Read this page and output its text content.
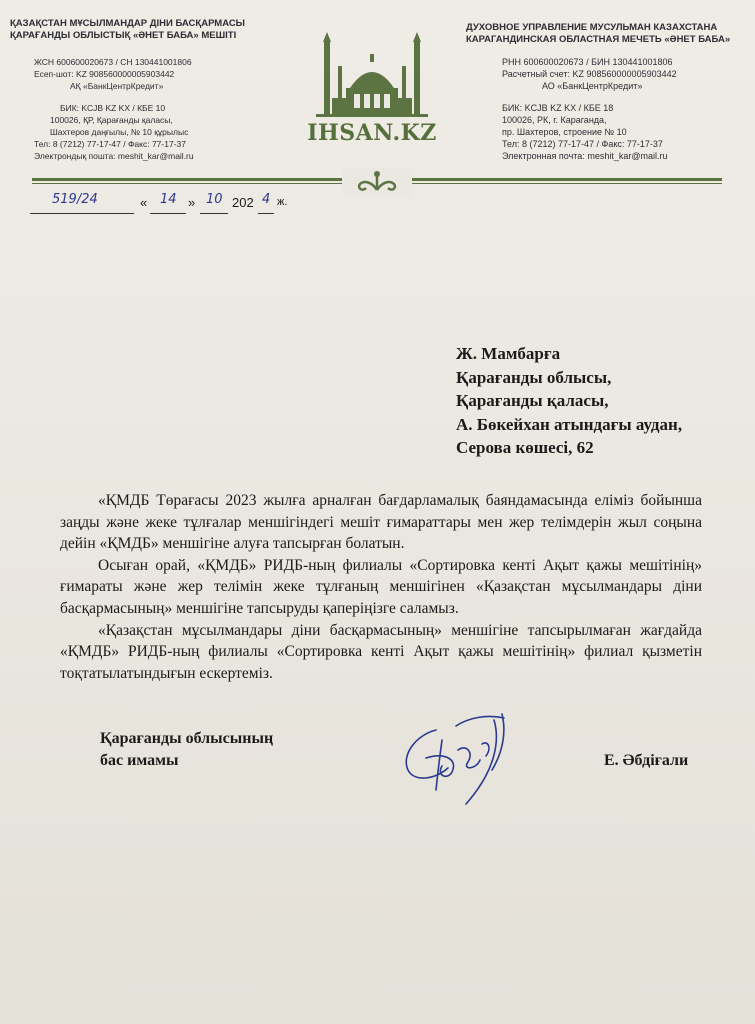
ҚАЗАҚСТАН МҰСЫЛМАНДАР ДІНИ БАСҚАРМАСЫ
ҚАРАҒАНДЫ ОБЛЫСТЫҚ «ӘНЕТ БАБА» МЕШІТІ
ЖСН 600600020673 / СН 130441001806
Есеп-шот: KZ 908560000005903442
АҚ «БанкЦентрКредит»
БИК: KCJB KZ KX / КБЕ 10
100026, ҚР, Қарағанды қаласы,
Шахтеров даңғылы, № 10 құрылыс
Тел: 8 (7212) 77-17-47 / Факс: 77-17-37
Электрондық пошта: meshit_kar@mail.ru
IHSAN.KZ
ДУХОВНОЕ УПРАВЛЕНИЕ МУСУЛЬМАН КАЗАХСТАНА
КАРАГАНДИНСКАЯ ОБЛАСТНАЯ МЕЧЕТЬ «ӘНЕТ БАБА»
РНН 600600020673 / БИН 130441001806
Расчетный счет: KZ 908560000005903442
АО «БанкЦентрКредит»
БИК: KCJB KZ KX / КБЕ 18
100026, РК, г. Караганда,
пр. Шахтеров, строение № 10
Тел: 8 (7212) 77-17-47 / Факс: 77-17-37
Электронная почта: meshit_kar@mail.ru
519/24	« 14 » 10 202 4 ж.
Ж. Мамбарға
Қарағанды облысы,
Қарағанды қаласы,
А. Бөкейхан атындағы аудан,
Серова көшесі, 62

«ҚМДБ Төрағасы 2023 жылға арналған бағдарламалық баяндамасында еліміз бойынша заңды және жеке тұлғалар меншігіндегі мешіт ғимараттары мен жер телімдерін жыл соңына дейін «ҚМДБ» меншігіне алуға тапсырған болатын.

Осыған орай, «ҚМДБ» РИДБ-ның филиалы «Сортировка кенті Ақыт қажы мешітінің» ғимараты және жер телімін жеке тұлғаның меншігінен «Қазақстан мұсылмандары діни басқармасының» меншігіне тапсыруды қаперіңізге саламыз.

«Қазақстан мұсылмандары діни басқармасының» меншігіне тапсырылмаған жағдайда «ҚМДБ» РИДБ-ның филиалы «Сортировка кенті Ақыт қажы мешітінің» филиал қызметін тоқтатылатындығын ескертеміз.

Қарағанды облысының
бас имамы	Е. Әбдіғали
